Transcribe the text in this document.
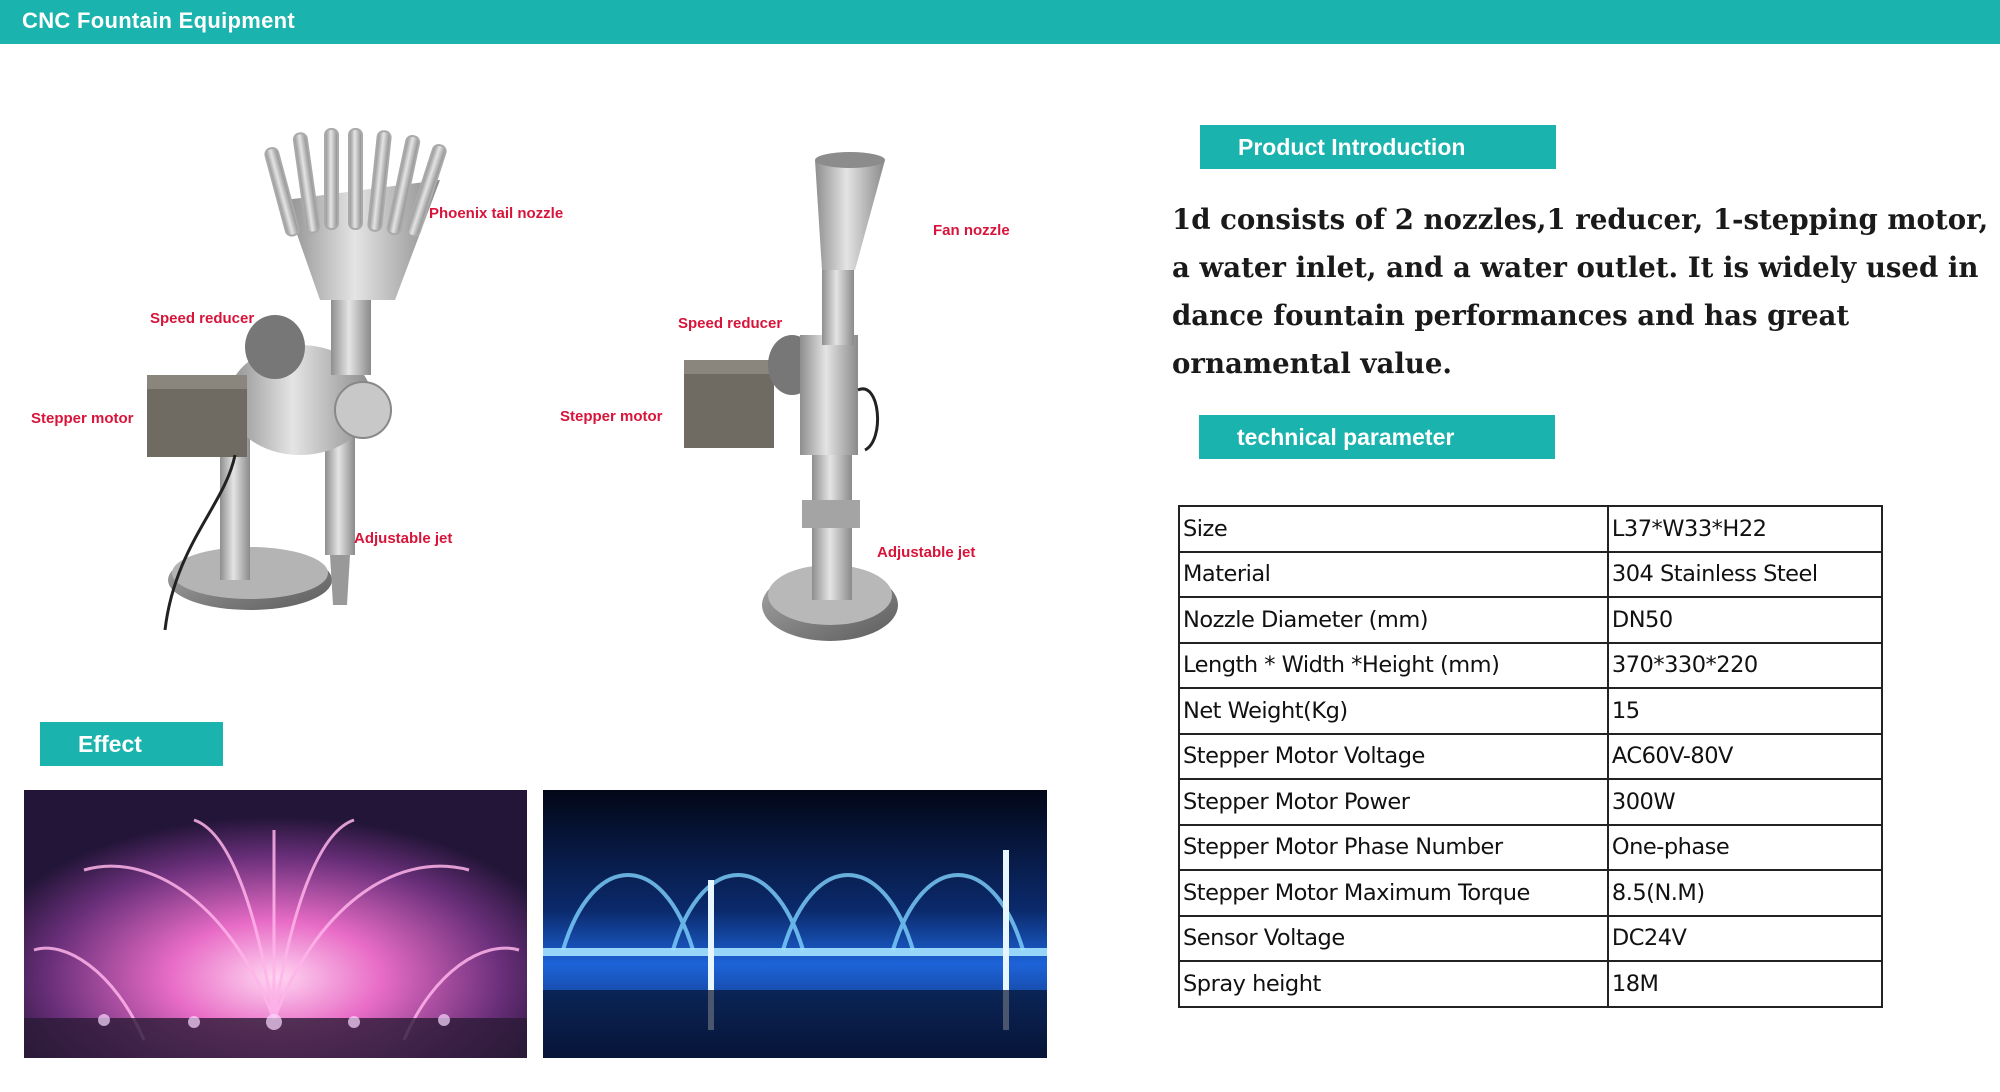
CNC Fountain Equipment
Phoenix tail nozzle
Speed reducer
Stepper motor
Adjustable jet
Fan nozzle
Speed reducer
Stepper motor
Adjustable jet
Effect
Product Introduction

1d consists of 2 nozzles,1 reducer, 1-stepping motor, a water inlet, and a water outlet. It is widely used in dance fountain performances and has great ornamental value.

technical parameter
Size	L37*W33*H22
Material	304 Stainless Steel
Nozzle Diameter (mm)	DN50
Length * Width *Height (mm)	370*330*220
Net Weight(Kg)	15
Stepper Motor Voltage	AC60V-80V
Stepper Motor Power	300W
Stepper Motor Phase Number	One-phase
Stepper Motor Maximum Torque	8.5(N.M)
Sensor Voltage	DC24V
Spray height	18M
